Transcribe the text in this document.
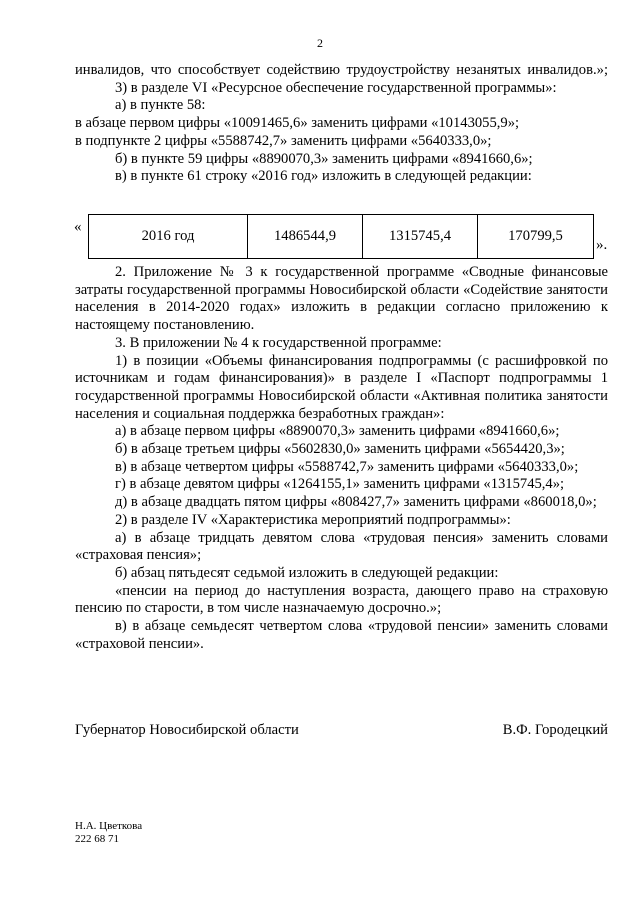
2

инвалидов, что способствует содействию трудоустройству незанятых инвалидов.»;

3) в разделе VI «Ресурсное обеспечение государственной программы»:

а) в пункте 58:

в абзаце первом цифры «10091465,6» заменить цифрами «10143055,9»;

в подпункте 2 цифры «5588742,7» заменить цифрами «5640333,0»;

б) в пункте 59 цифры «8890070,3» заменить цифрами «8941660,6»;

в) в пункте 61 строку «2016 год» изложить в следующей редакции:

«
2016 год	1486544,9	1315745,4	170799,5
».

2. Приложение № 3 к государственной программе «Сводные финансовые затраты государственной программы Новосибирской области «Содействие занятости населения в 2014-2020 годах» изложить в редакции согласно приложению к настоящему постановлению.

3. В приложении № 4 к государственной программе:

1) в позиции «Объемы финансирования подпрограммы (с расшифровкой по источникам и годам финансирования)» в разделе I «Паспорт подпрограммы 1 государственной программы Новосибирской области «Активная политика занятости населения и социальная поддержка безработных граждан»:

а) в абзаце первом цифры «8890070,3» заменить цифрами «8941660,6»;

б) в абзаце третьем цифры «5602830,0» заменить цифрами «5654420,3»;

в) в абзаце четвертом цифры «5588742,7» заменить цифрами «5640333,0»;

г) в абзаце девятом цифры «1264155,1» заменить цифрами «1315745,4»;

д) в абзаце двадцать пятом цифры «808427,7» заменить цифрами «860018,0»;

2) в разделе IV «Характеристика мероприятий подпрограммы»:

а) в абзаце тридцать девятом слова «трудовая пенсия» заменить словами «страховая пенсия»;

б) абзац пятьдесят седьмой изложить в следующей редакции:

«пенсии на период до наступления возраста, дающего право на страховую пенсию по старости, в том числе назначаемую досрочно.»;

в) в абзаце семьдесят четвертом слова «трудовой пенсии» заменить словами «страховой пенсии».

Губернатор Новосибирской области	В.Ф. Городецкий
Н.А. Цветкова
222 68 71
